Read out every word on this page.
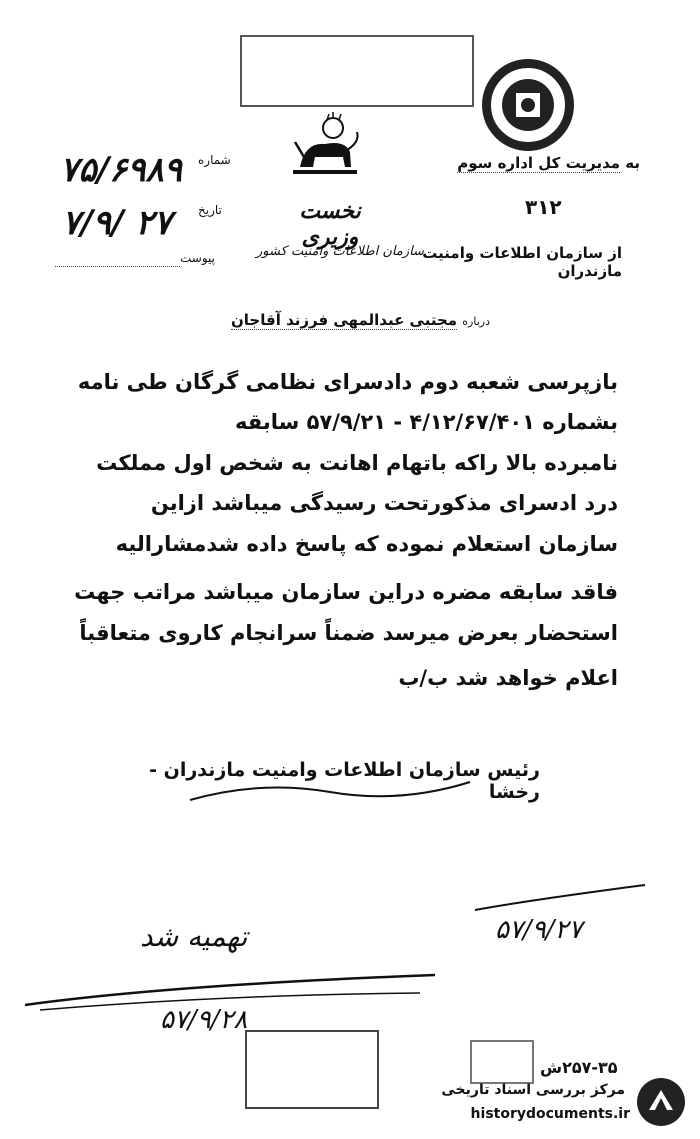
نخست وزیری
سازمان اطلاعات وامنیت کشور
به مدیریت کل اداره سوم
۳۱۲
از سازمان اطلاعات وامنیت مازندران
درباره مجتبی عبدالمهی فرزند آقاجان
شماره
تاریخ
پیوست
۷۵/۶۹۸۹
۷/۹/ ۲۷
بازپرسی شعبه دوم دادسرای نظامی گرگان طی نامه
بشماره ۴/۱۲/۶۷/۴۰۱ - ۵۷/۹/۲۱ سابقه
نامبرده بالا راکه باتهام اهانت به شخص اول مملکت
درد ادسرای مذکورتحت رسیدگی میباشد ازاین
سازمان استعلام نموده که پاسخ داده شدمشارالیه
فاقد سابقه مضره دراین سازمان میباشد مراتب جهت
استحضار بعرض میرسد ضمناً سرانجام کاروی متعاقباً
اعلام خواهد شد ب/ب
رئیس سازمان اطلاعات وامنیت مازندران - رخشا
۵۷/۹/۲۷
تهمیه شد
۵۷/۹/۲۸
۲۵۷-۳۵ش
مرکز بررسی اسناد تاریخی
historydocuments.ir
